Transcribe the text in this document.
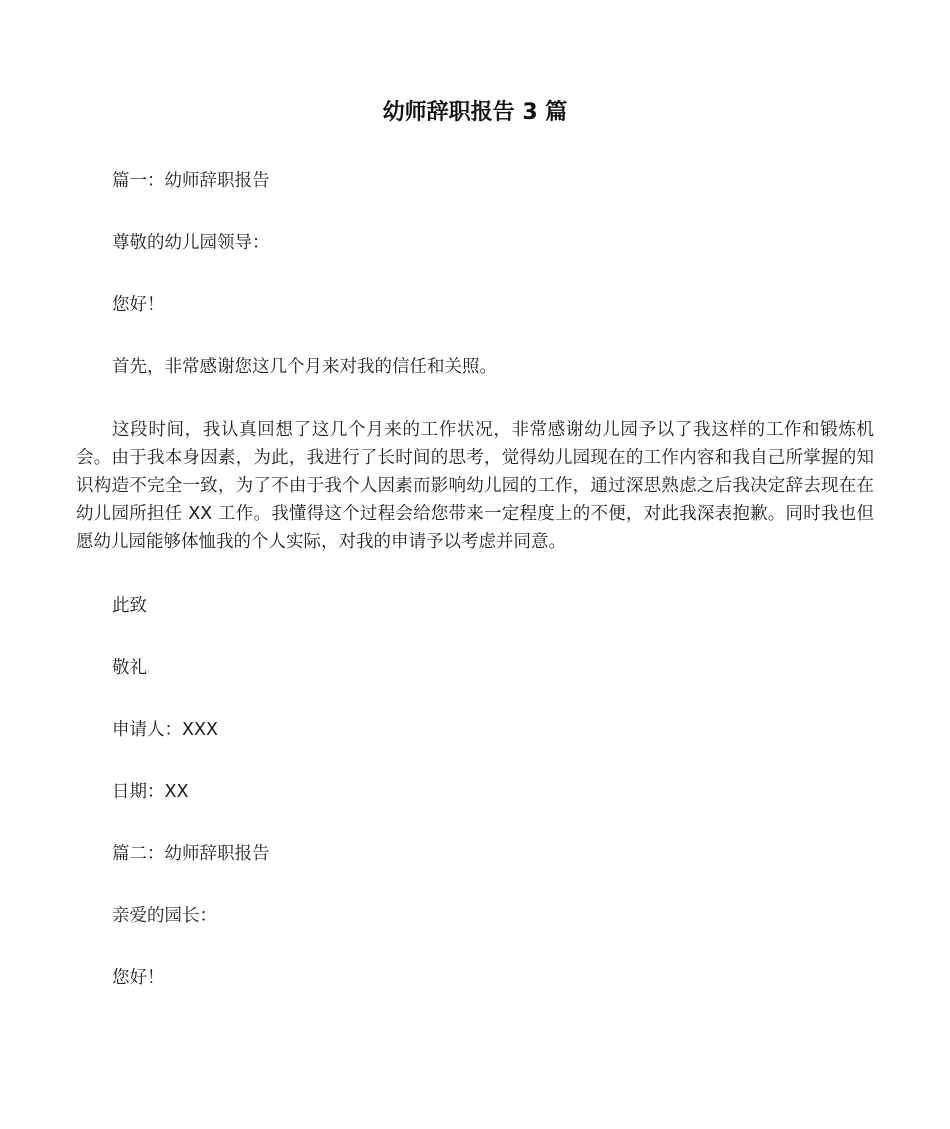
幼师辞职报告 3 篇

篇一：幼师辞职报告

尊敬的幼儿园领导：

您好！

首先，非常感谢您这几个月来对我的信任和关照。

这段时间，我认真回想了这几个月来的工作状况，非常感谢幼儿园予以了我这样的工作和锻炼机会。由于我本身因素，为此，我进行了长时间的思考，觉得幼儿园现在的工作内容和我自己所掌握的知识构造不完全一致，为了不由于我个人因素而影响幼儿园的工作，通过深思熟虑之后我决定辞去现在在幼儿园所担任 XX 工作。我懂得这个过程会给您带来一定程度上的不便，对此我深表抱歉。同时我也但愿幼儿园能够体恤我的个人实际，对我的申请予以考虑并同意。

此致

敬礼

申请人：XXX

日期：XX

篇二：幼师辞职报告

亲爱的园长：

您好！
